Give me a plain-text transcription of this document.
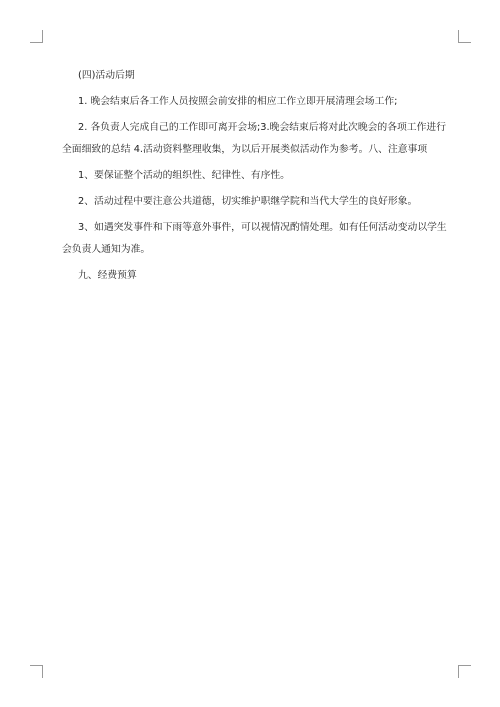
(四)活动后期

1. 晚会结束后各工作人员按照会前安排的相应工作立即开展清理会场工作;

2. 各负责人完成自己的工作即可离开会场;3.晚会结束后将对此次晚会的各项工作进行全面细致的总结 4.活动资料整理收集，为以后开展类似活动作为参考。八、注意事项

1、要保证整个活动的组织性、纪律性、有序性。

2、活动过程中要注意公共道德，切实维护职继学院和当代大学生的良好形象。

3、如遇突发事件和下雨等意外事件，可以视情况酌情处理。如有任何活动变动以学生会负责人通知为准。

九、经费预算
